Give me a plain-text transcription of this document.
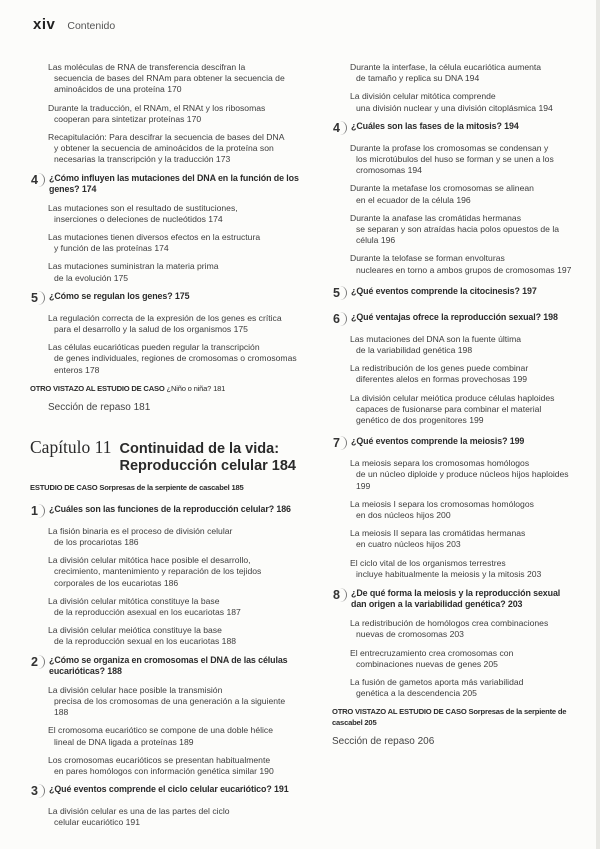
xiv Contenido
Las moléculas de RNA de transferencia descifran la
secuencia de bases del RNAm para obtener la secuencia de aminoácidos de una proteína 170
Durante la traducción, el RNAm, el RNAt y los ribosomas
cooperan para sintetizar proteínas 170
Recapitulación: Para descifrar la secuencia de bases del DNA
y obtener la secuencia de aminoácidos de la proteína son necesarias la transcripción y la traducción 173
4	¿Cómo influyen las mutaciones del DNA en la función de los genes? 174
Las mutaciones son el resultado de sustituciones,
inserciones o deleciones de nucleótidos 174
Las mutaciones tienen diversos efectos en la estructura
y función de las proteínas 174
Las mutaciones suministran la materia prima
de la evolución 175
5	¿Cómo se regulan los genes? 175
La regulación correcta de la expresión de los genes es crítica
para el desarrollo y la salud de los organismos 175
Las células eucarióticas pueden regular la transcripción
de genes individuales, regiones de cromosomas o cromosomas enteros 178
OTRO VISTAZO AL ESTUDIO DE CASO ¿Niño o niña? 181
Sección de repaso 181
Capítulo 11 Continuidad de la vida:
Reproducción celular 184
ESTUDIO DE CASO Sorpresas de la serpiente de cascabel 185
1	¿Cuáles son las funciones de la reproducción celular? 186
La fisión binaria es el proceso de división celular
de los procariotas 186
La división celular mitótica hace posible el desarrollo,
crecimiento, mantenimiento y reparación de los tejidos corporales de los eucariotas 186
La división celular mitótica constituye la base
de la reproducción asexual en los eucariotas 187
La división celular meiótica constituye la base
de la reproducción sexual en los eucariotas 188
2	¿Cómo se organiza en cromosomas el DNA de las células eucarióticas? 188
La división celular hace posible la transmisión
precisa de los cromosomas de una generación a la siguiente 188
El cromosoma eucariótico se compone de una doble hélice
lineal de DNA ligada a proteínas 189
Los cromosomas eucarióticos se presentan habitualmente
en pares homólogos con información genética similar 190
3	¿Qué eventos comprende el ciclo celular eucariótico? 191
La división celular es una de las partes del ciclo
celular eucariótico 191
Durante la interfase, la célula eucariótica aumenta
de tamaño y replica su DNA 194
La división celular mitótica comprende
una división nuclear y una división citoplásmica 194
4	¿Cuáles son las fases de la mitosis? 194
Durante la profase los cromosomas se condensan y
los microtúbulos del huso se forman y se unen a los cromosomas 194
Durante la metafase los cromosomas se alinean
en el ecuador de la célula 196
Durante la anafase las cromátidas hermanas
se separan y son atraídas hacia polos opuestos de la célula 196
Durante la telofase se forman envolturas
nucleares en torno a ambos grupos de cromosomas 197
5	¿Qué eventos comprende la citocinesis? 197
6	¿Qué ventajas ofrece la reproducción sexual? 198
Las mutaciones del DNA son la fuente última
de la variabilidad genética 198
La redistribución de los genes puede combinar
diferentes alelos en formas provechosas 199
La división celular meiótica produce células haploides
capaces de fusionarse para combinar el material genético de dos progenitores 199
7	¿Qué eventos comprende la meiosis? 199
La meiosis separa los cromosomas homólogos
de un núcleo diploide y produce núcleos hijos haploides 199
La meiosis I separa los cromosomas homólogos
en dos núcleos hijos 200
La meiosis II separa las cromátidas hermanas
en cuatro núcleos hijos 203
El ciclo vital de los organismos terrestres
incluye habitualmente la meiosis y la mitosis 203
8	¿De qué forma la meiosis y la reproducción sexual dan origen a la variabilidad genética? 203
La redistribución de homólogos crea combinaciones
nuevas de cromosomas 203
El entrecruzamiento crea cromosomas con
combinaciones nuevas de genes 205
La fusión de gametos aporta más variabilidad
genética a la descendencia 205
OTRO VISTAZO AL ESTUDIO DE CASO Sorpresas de la serpiente de cascabel 205
Sección de repaso 206
